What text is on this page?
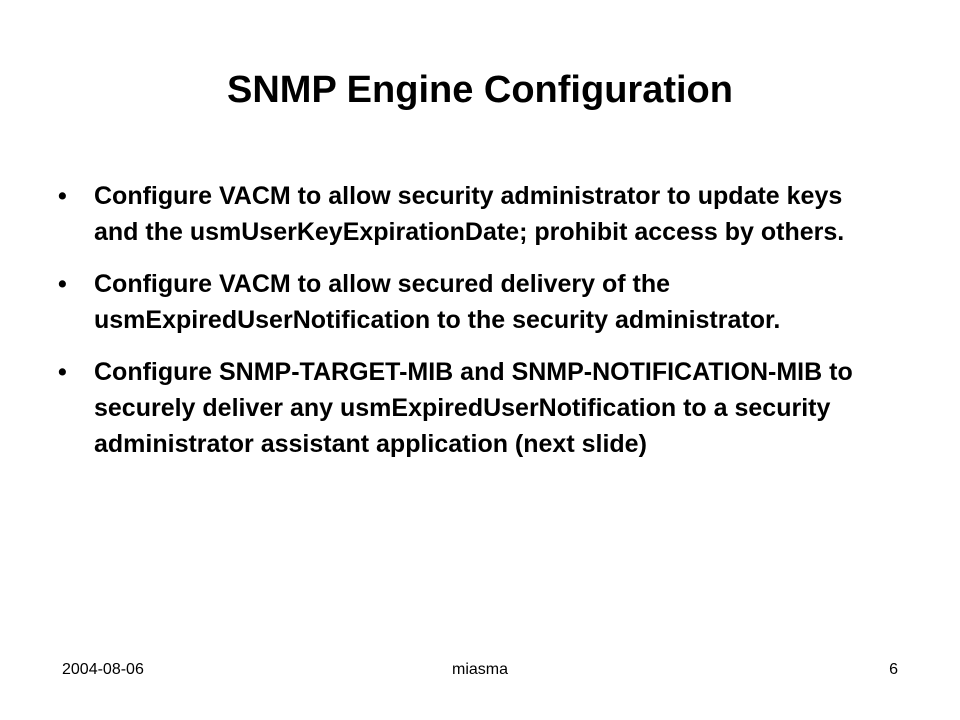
SNMP Engine Configuration
• Configure VACM to allow security administrator to update keys and the usmUserKeyExpirationDate; prohibit access by others.
• Configure VACM to allow secured delivery of the usmExpiredUserNotification to the security administrator.
• Configure SNMP-TARGET-MIB and SNMP-NOTIFICATION-MIB to securely deliver any usmExpiredUserNotification to a security administrator assistant application (next slide)
2004-08-06	miasma	6
